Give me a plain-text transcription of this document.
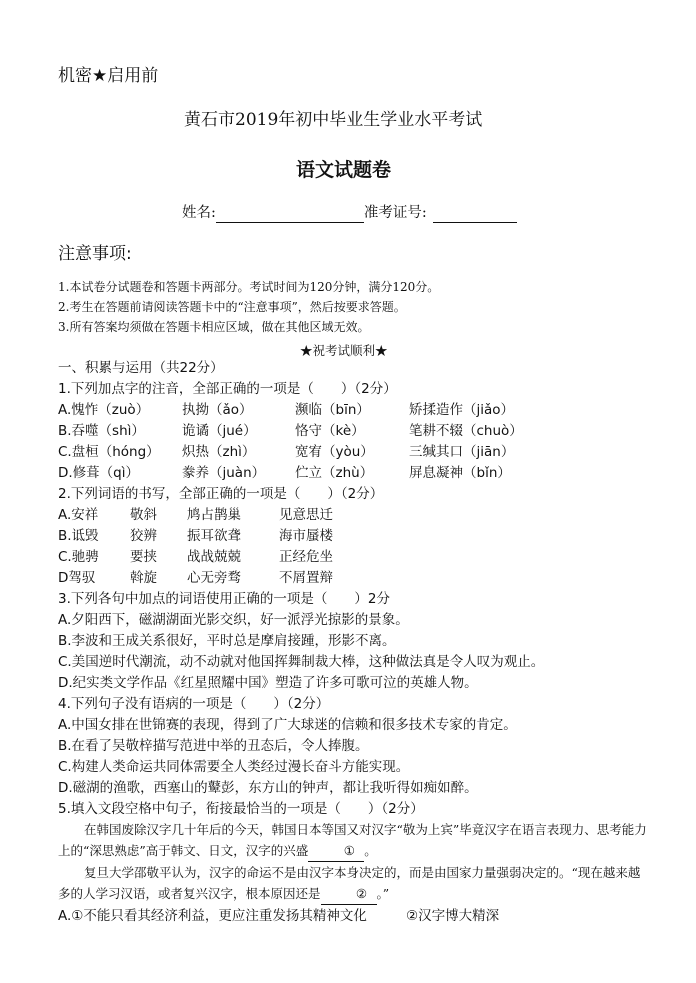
机密★启用前
黄石市2019年初中毕业生学业水平考试
语文试题卷
姓名:	准考证号:
注意事项:
1.本试卷分试题卷和答题卡两部分。考试时间为120分钟，满分120分。
2.考生在答题前请阅读答题卡中的“注意事项”，然后按要求答题。
3.所有答案均须做在答题卡相应区域，做在其他区域无效。
★祝考试顺利★
一、积累与运用（共22分）
1.下列加点字的注音，全部正确的一项是（　　）（2分）
A.愧怍（zuò） 执拗（ǎo）	濒临（bīn）	矫揉造作（jiǎo）
B.吞噬（shì）	诡谲（jué）	恪守（kè）	笔耕不辍（chuò）
C.盘桓（hóng） 炽热（zhì）	宽宥（yòu）	三缄其口（jiān）
D.修葺（qì）	豢养（juàn） 伫立（zhù）	屏息凝神（bǐn）
2.下列词语的书写，全部正确的一项是（　　）（2分）
A.安祥 敬斜 鸠占鹊巢	见意思迁
B.诋毁 狡辨 振耳欲聋	海市蜃楼
C.驰骋 要挟 战战兢兢	正经危坐
D驾驭	斡旋 心无旁骛	不屑置辩
3.下列各句中加点的词语使用正确的一项是（　　）2分
A.夕阳西下，磁湖湖面光影交织，好一派浮光掠影的景象。
B.李波和王成关系很好，平时总是摩肩接踵，形影不离。
C.美国逆时代潮流，动不动就对他国挥舞制裁大棒，这种做法真是令人叹为观止。
D.纪实类文学作品《红星照耀中国》塑造了许多可歌可泣的英雄人物。
4.下列句子没有语病的一项是（　　）（2分）
A.中国女排在世锦赛的表现，得到了广大球迷的信赖和很多技术专家的肯定。
B.在看了吴敬梓描写范进中举的丑态后，令人捧腹。
C.构建人类命运共同体需要全人类经过漫长奋斗方能实现。
D.磁湖的渔歌，西塞山的鼙彭，东方山的钟声，都让我听得如痴如醉。
5.填入文段空格中句子，衔接最恰当的一项是（　　）（2分）
在韩国废除汉字几十年后的今天，韩国日本等国又对汉字“敬为上宾”毕竟汉字在语言表现力、思考能力上的“深思熟虑”高于韩文、日文，汉字的兴盛	① 。
复旦大学邵敬平认为，汉字的命运不是由汉字本身决定的，而是由国家力量强弱决定的。“现在越来越多的人学习汉语，或者复兴汉字，根本原因还是	② 。”
A.①不能只看其经济利益，更应注重发扬其精神文化	②汉字博大精深
